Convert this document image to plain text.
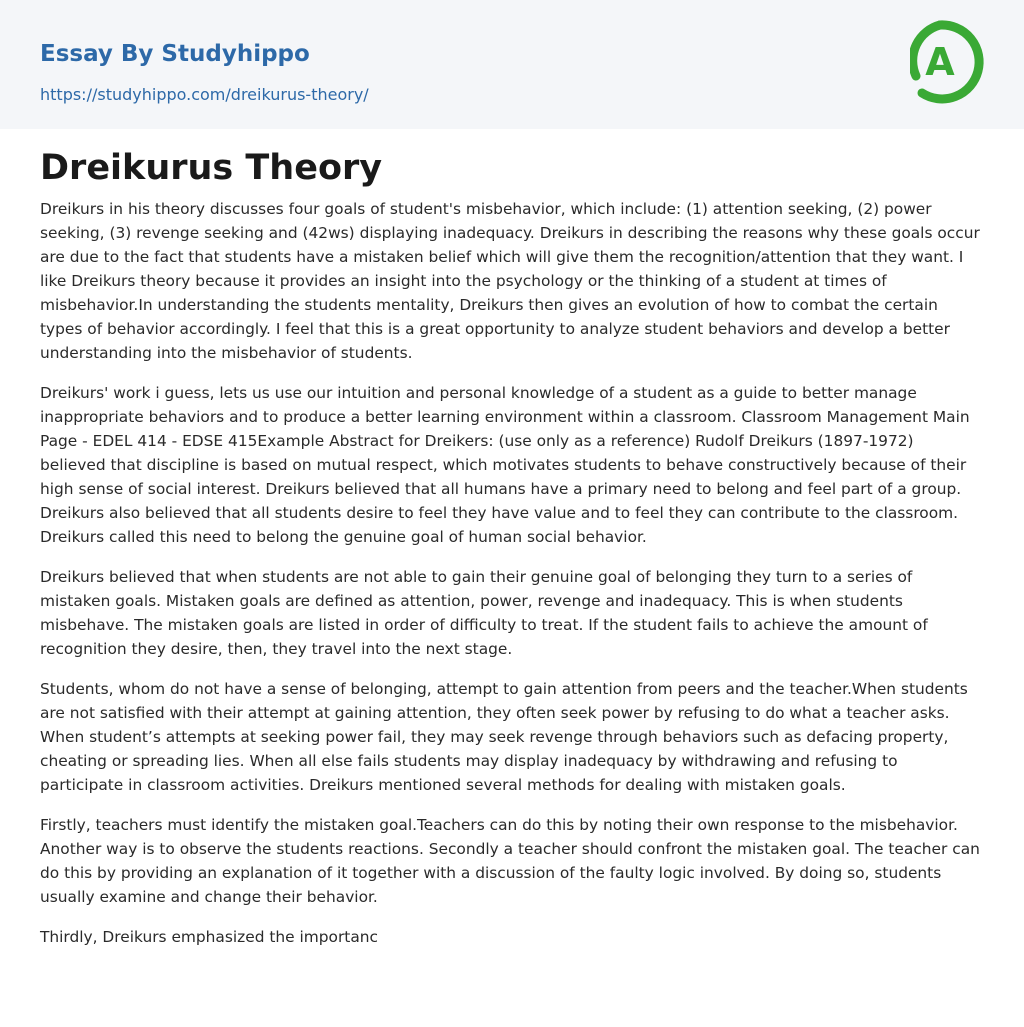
Essay By Studyhippo
https://studyhippo.com/dreikurus-theory/
A
Dreikurus Theory

Dreikurs in his theory discusses four goals of student's misbehavior, which include: (1) attention seeking, (2) power seeking, (3) revenge seeking and (42ws) displaying inadequacy. Dreikurs in describing the reasons why these goals occur are due to the fact that students have a mistaken belief which will give them the recognition/attention that they want. I like Dreikurs theory because it provides an insight into the psychology or the thinking of a student at times of misbehavior.In understanding the students mentality, Dreikurs then gives an evolution of how to combat the certain types of behavior accordingly. I feel that this is a great opportunity to analyze student behaviors and develop a better understanding into the misbehavior of students.

Dreikurs' work i guess, lets us use our intuition and personal knowledge of a student as a guide to better manage inappropriate behaviors and to produce a better learning environment within a classroom. Classroom Management Main Page - EDEL 414 - EDSE 415Example Abstract for Dreikers: (use only as a reference) Rudolf Dreikurs (1897-1972) believed that discipline is based on mutual respect, which motivates students to behave constructively because of their high sense of social interest. Dreikurs believed that all humans have a primary need to belong and feel part of a group. Dreikurs also believed that all students desire to feel they have value and to feel they can contribute to the classroom. Dreikurs called this need to belong the genuine goal of human social behavior.

Dreikurs believed that when students are not able to gain their genuine goal of belonging they turn to a series of mistaken goals. Mistaken goals are defined as attention, power, revenge and inadequacy. This is when students misbehave. The mistaken goals are listed in order of difficulty to treat. If the student fails to achieve the amount of recognition they desire, then, they travel into the next stage.

Students, whom do not have a sense of belonging, attempt to gain attention from peers and the teacher.When students are not satisfied with their attempt at gaining attention, they often seek power by refusing to do what a teacher asks. When student’s attempts at seeking power fail, they may seek revenge through behaviors such as defacing property, cheating or spreading lies. When all else fails students may display inadequacy by withdrawing and refusing to participate in classroom activities. Dreikurs mentioned several methods for dealing with mistaken goals.

Firstly, teachers must identify the mistaken goal.Teachers can do this by noting their own response to the misbehavior. Another way is to observe the students reactions. Secondly a teacher should confront the mistaken goal. The teacher can do this by providing an explanation of it together with a discussion of the faulty logic involved. By doing so, students usually examine and change their behavior.

Thirdly, Dreikurs emphasized the importanc
